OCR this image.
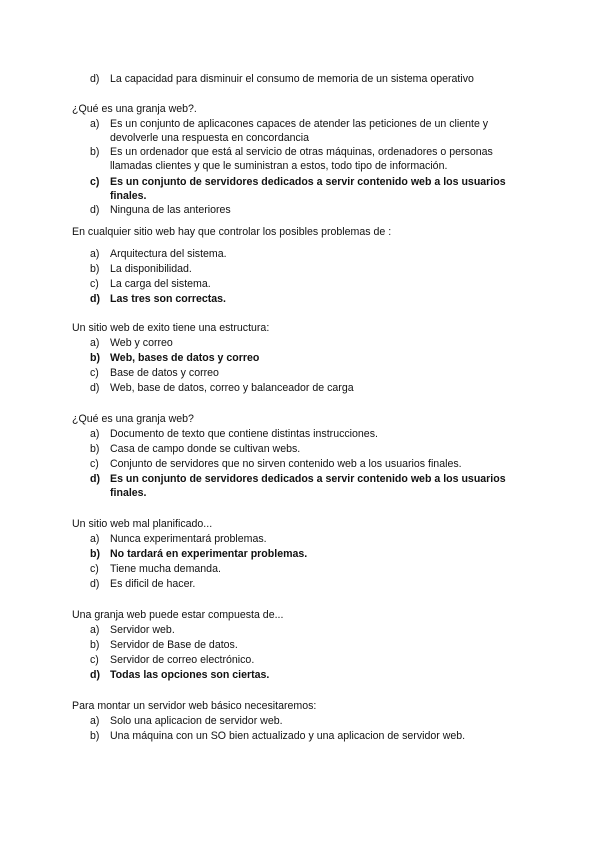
d) La capacidad para disminuir el consumo de memoria de un sistema operativo
¿Qué es una granja web?.
a) Es un conjunto de aplicacones capaces de atender las peticiones de un cliente y devolverle una respuesta en concordancia
b) Es un ordenador que está al servicio de otras máquinas, ordenadores o personas llamadas clientes y que le suministran a estos, todo tipo de información.
c) Es un conjunto de servidores dedicados a servir contenido web a los usuarios finales.
d) Ninguna de las anteriores
En cualquier sitio web hay que controlar los posibles problemas de :
a) Arquitectura del sistema.
b) La disponibilidad.
c)	La carga del sistema.
d) Las tres son correctas.
Un sitio web de exito tiene una estructura:
a) Web y correo
b) Web, bases de datos y correo
c)	Base de datos y correo
d) Web, base de datos, correo y balanceador de carga
¿Qué es una granja web?
a) Documento de texto que contiene distintas instrucciones.
b) Casa de campo donde se cultivan webs.
c)	Conjunto de servidores que no sirven contenido web a los usuarios finales.
d) Es un conjunto de servidores dedicados a servir contenido web a los usuarios finales.
Un sitio web mal planificado...
a) Nunca experimentará problemas.
b) No tardará en experimentar problemas.
c)	Tiene mucha demanda.
d) Es dificil de hacer.
Una granja web puede estar compuesta de...
a) Servidor web.
b) Servidor de Base de datos.
c)	Servidor de correo electrónico.
d) Todas las opciones son ciertas.
Para montar un servidor web básico necesitaremos:
a) Solo una aplicacion de servidor web.
b) Una máquina con un SO bien actualizado y una aplicacion de servidor web.
